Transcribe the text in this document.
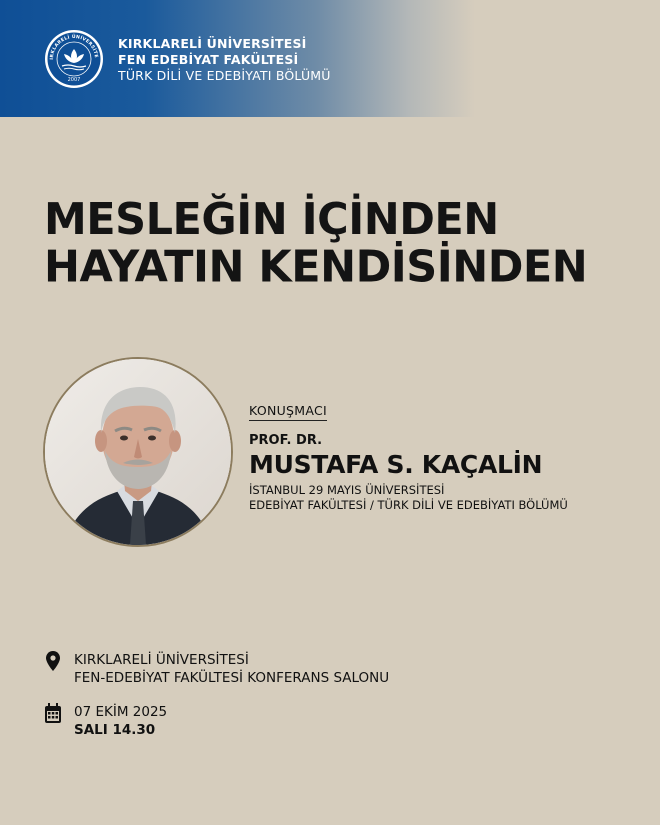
IRKLARELİ ÜNİVERSİTE
2007
KIRKLARELİ ÜNİVERSİTESİ
FEN EDEBİYAT FAKÜLTESİ
TÜRK DİLİ VE EDEBİYATI BÖLÜMÜ
MESLEĞİN İÇİNDEN
HAYATIN KENDİSİNDEN
KONUŞMACI
PROF. DR.
MUSTAFA S. KAÇALİN
İSTANBUL 29 MAYIS ÜNİVERSİTESİ
EDEBİYAT FAKÜLTESİ / TÜRK DİLİ VE EDEBİYATI BÖLÜMÜ
KIRKLARELİ ÜNİVERSİTESİ
FEN-EDEBİYAT FAKÜLTESİ KONFERANS SALONU
07 EKİM 2025
SALI 14.30
